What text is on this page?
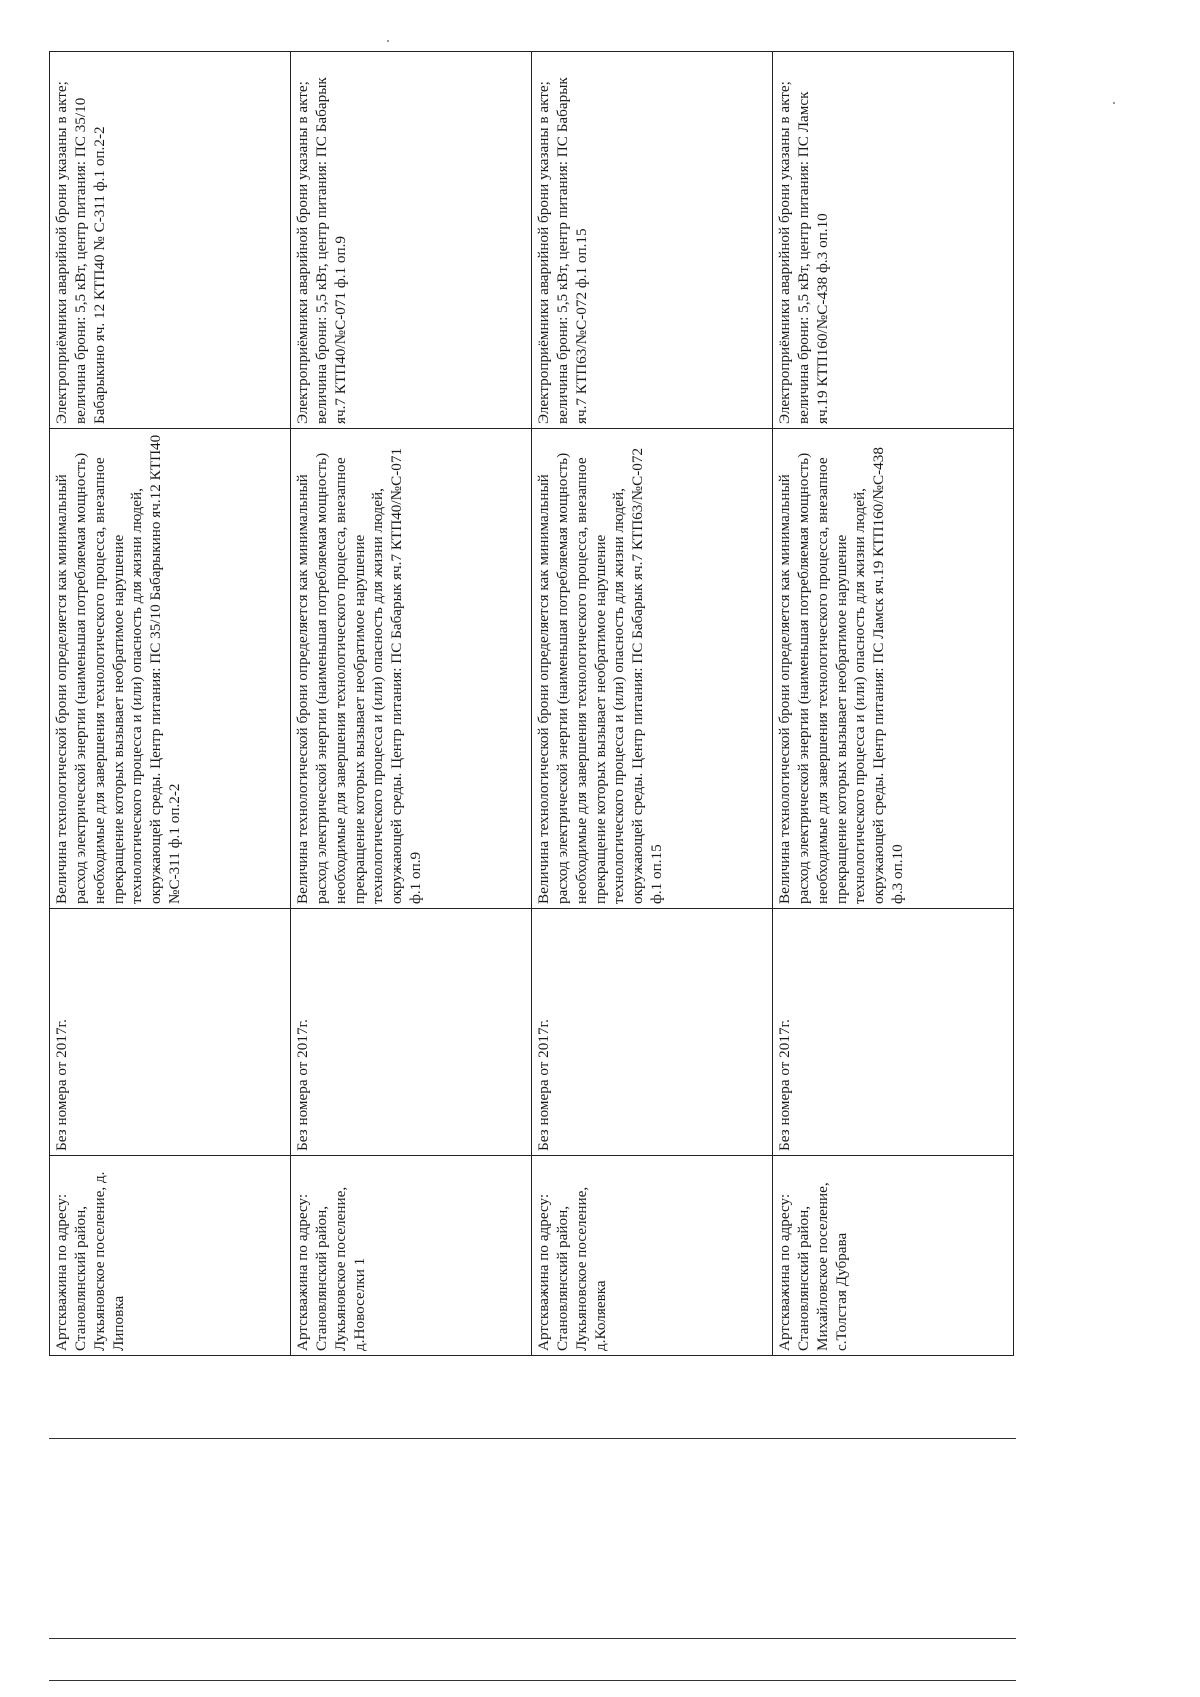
Артскважина по адресу: Становлянский район, Лукьяновское поселение, д. Липовка	Без номера от 2017г.	Величина технологической брони определяется как минимальный расход электрической энергии (наименьшая потребляемая мощность) необходимые для завершения технологического процесса, внезапное прекращение которых вызывает необратимое нарушение технологического процесса и (или) опасность для жизни людей, окружающей среды. Центр питания: ПС 35/10 Бабарыкино яч.12 КТП40 №С-311 ф.1 оп.2-2	Электроприёмники аварийной брони указаны в акте; величина брони: 5,5 кВт, центр питания: ПС 35/10 Бабарыкино яч. 12 КТП40 № С-311 ф.1 оп.2-2
Артскважина по адресу: Становлянский район, Лукьяновское поселение, д.Новоселки 1	Без номера от 2017г.	Величина технологической брони определяется как минимальный расход электрической энергии (наименьшая потребляемая мощность) необходимые для завершения технологического процесса, внезапное прекращение которых вызывает необратимое нарушение технологического процесса и (или) опасность для жизни людей, окружающей среды. Центр питания: ПС Бабарык яч.7 КТП40/№С-071 ф.1 оп.9	Электроприёмники аварийной брони указаны в акте; величина брони: 5,5 кВт, центр питания: ПС Бабарык яч.7 КТП40/№С-071 ф.1 оп.9
Артскважина по адресу: Становлянский район, Лукьяновское поселение, д.Коляевка	Без номера от 2017г.	Величина технологической брони определяется как минимальный расход электрической энергии (наименьшая потребляемая мощность) необходимые для завершения технологического процесса, внезапное прекращение которых вызывает необратимое нарушение технологического процесса и (или) опасность для жизни людей, окружающей среды. Центр питания: ПС Бабарык яч.7 КТП63/№С-072 ф.1 оп.15	Электроприёмники аварийной брони указаны в акте; величина брони: 5,5 кВт, центр питания: ПС Бабарык яч.7 КТП63/№С-072 ф.1 оп.15
Артскважина по адресу: Становлянский район, Михайловское поселение, с.Толстая Дубрава	Без номера от 2017г.	Величина технологической брони определяется как минимальный расход электрической энергии (наименьшая потребляемая мощность) необходимые для завершения технологического процесса, внезапное прекращение которых вызывает необратимое нарушение технологического процесса и (или) опасность для жизни людей, окружающей среды. Центр питания: ПС Ламск яч.19 КТП160/№С-438 ф.3 оп.10	Электроприёмники аварийной брони указаны в акте; величина брони: 5,5 кВт, центр питания: ПС Ламск яч.19 КТП160/№С-438 ф.3 оп.10
